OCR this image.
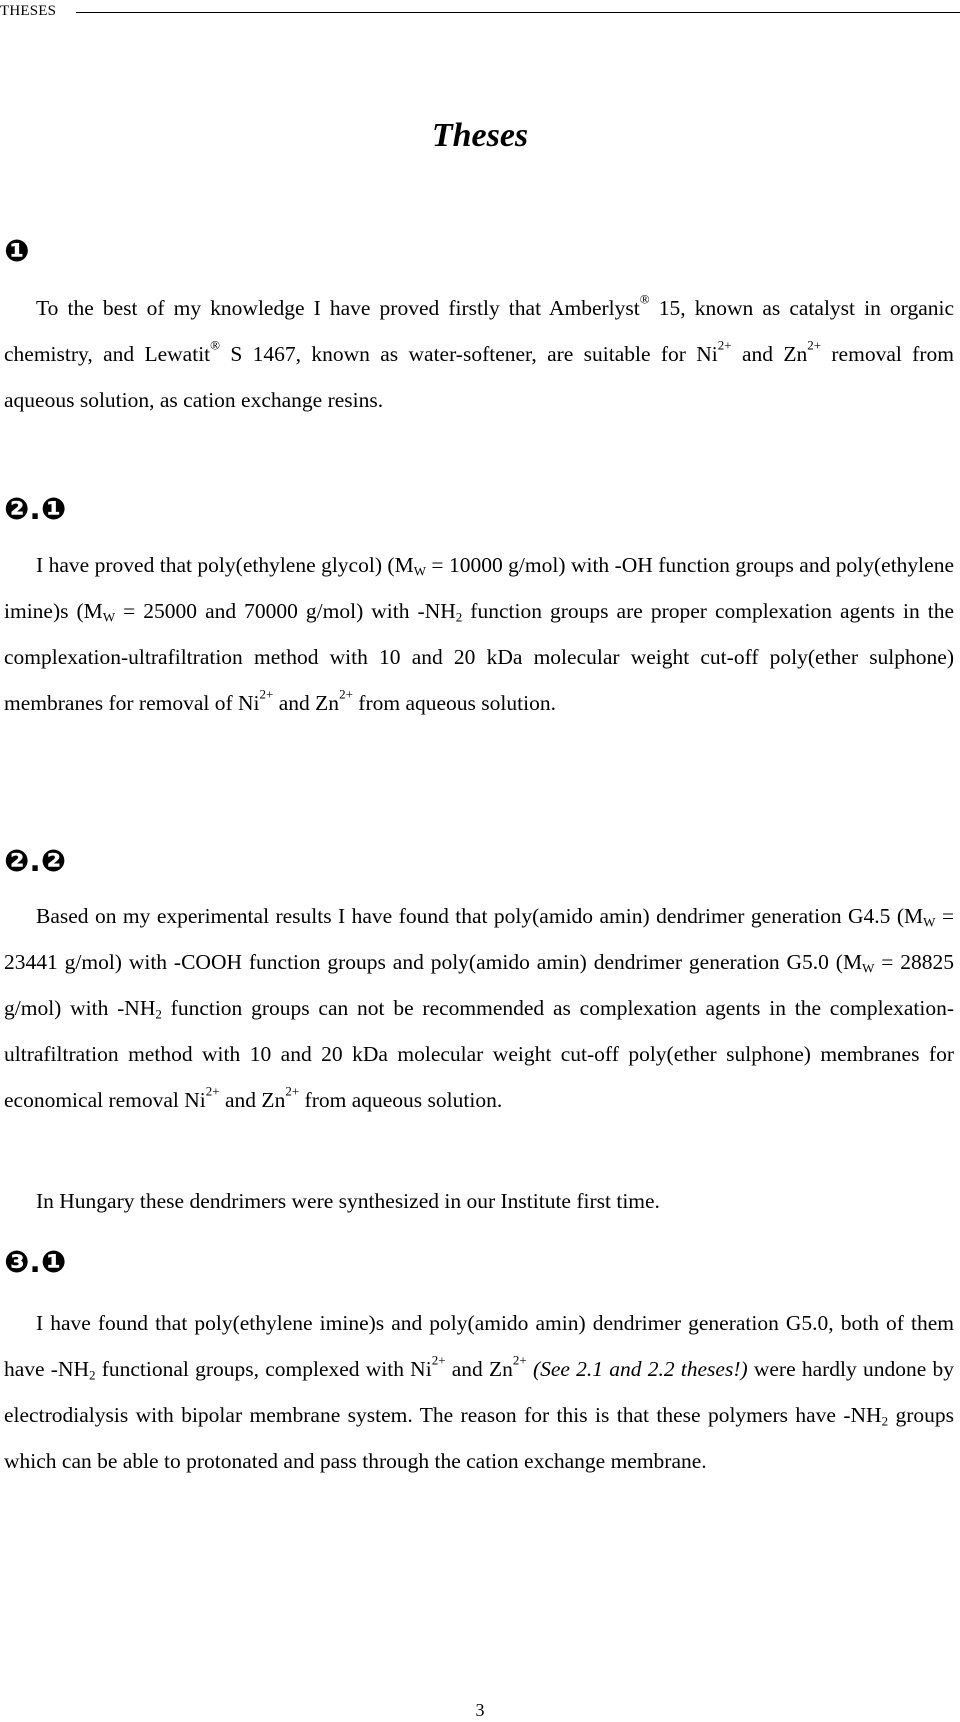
THESES
Theses
❶

To the best of my knowledge I have proved firstly that Amberlyst® 15, known as catalyst in organic chemistry, and Lewatit® S 1467, known as water-softener, are suitable for $Ni^{2+}$ and $Zn^{2+}$ removal from aqueous solution, as cation exchange resins.

❷.❶

I have proved that poly(ethylene glycol) ($M_W = 10000$ g/mol) with -OH function groups and poly(ethylene imine)s ($M_W = 25000$ and 70000 g/mol) with $-NH_2$ function groups are proper complexation agents in the complexation-ultrafiltration method with 10 and 20 kDa molecular weight cut-off poly(ether sulphone) membranes for removal of $Ni^{2+}$ and $Zn^{2+}$ from aqueous solution.

❷.❷

Based on my experimental results I have found that poly(amido amin) dendrimer generation G4.5 ($M_W = 23441$ g/mol) with -COOH function groups and poly(amido amin) dendrimer generation G5.0 ($M_W = 28825$ g/mol) with $-NH_2$ function groups can not be recommended as complexation agents in the complexation-ultrafiltration method with 10 and 20 kDa molecular weight cut-off poly(ether sulphone) membranes for economical removal $Ni^{2+}$ and $Zn^{2+}$ from aqueous solution.

In Hungary these dendrimers were synthesized in our Institute first time.
❸.❶

I have found that poly(ethylene imine)s and poly(amido amin) dendrimer generation G5.0, both of them have $-NH_2$ functional groups, complexed with $Ni^{2+}$ and $Zn^{2+}$ (See 2.1 and 2.2 theses!) were hardly undone by electrodialysis with bipolar membrane system. The reason for this is that these polymers have $-NH_2$ groups which can be able to protonated and pass through the cation exchange membrane.

3
